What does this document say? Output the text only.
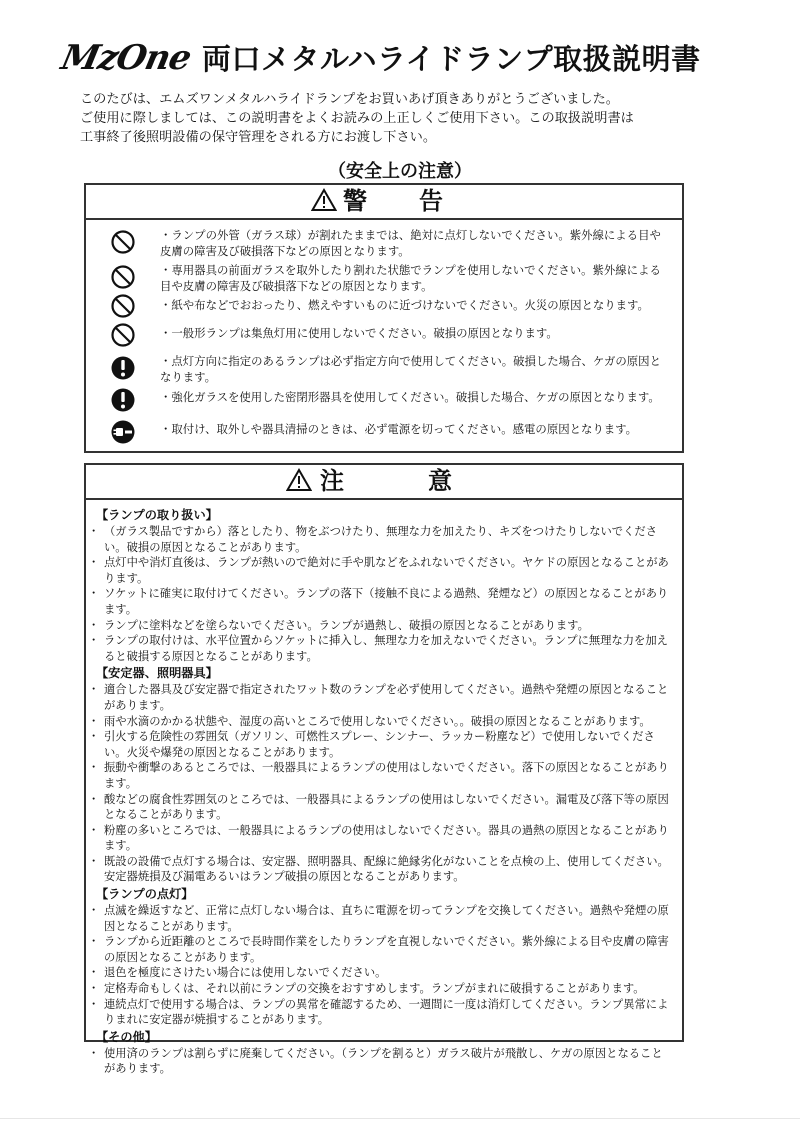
MzOne 両口メタルハライドランプ取扱説明書
このたびは、エムズワンメタルハライドランプをお買いあげ頂きありがとうございました。
ご使用に際しましては、この説明書をよくお読みの上正しくご使用下さい。この取扱説明書は
工事終了後照明設備の保守管理をされる方にお渡し下さい。
（安全上の注意）
警　告
・ランプの外管（ガラス球）が割れたままでは、絶対に点灯しないでください。紫外線による目や皮膚の障害及び破損落下などの原因となります。
・専用器具の前面ガラスを取外したり割れた状態でランプを使用しないでください。紫外線による目や皮膚の障害及び破損落下などの原因となります。
・紙や布などでおおったり、燃えやすいものに近づけないでください。火災の原因となります。
・一般形ランプは集魚灯用に使用しないでください。破損の原因となります。
・点灯方向に指定のあるランプは必ず指定方向で使用してください。破損した場合、ケガの原因となります。
・強化ガラスを使用した密閉形器具を使用してください。破損した場合、ケガの原因となります。
・取付け、取外しや器具清掃のときは、必ず電源を切ってください。感電の原因となります。
注　意
【ランプの取り扱い】
・ （ガラス製品ですから）落としたり、物をぶつけたり、無理な力を加えたり、キズをつけたりしないでください。破損の原因となることがあります。
・ 点灯中や消灯直後は、ランプが熱いので絶対に手や肌などをふれないでください。ヤケドの原因となることがあります。
・ ソケットに確実に取付けてください。ランプの落下（接触不良による過熱、発煙など）の原因となることがあります。
・ ランプに塗料などを塗らないでください。ランプが過熱し、破損の原因となることがあります。
・ ランプの取付けは、水平位置からソケットに挿入し、無理な力を加えないでください。ランプに無理な力を加えると破損する原因となることがあります。
【安定器、照明器具】
・ 適合した器具及び安定器で指定されたワット数のランプを必ず使用してください。過熱や発煙の原因となることがあります。
・ 雨や水滴のかかる状態や、湿度の高いところで使用しないでください。。破損の原因となることがあります。
・ 引火する危険性の雰囲気（ガソリン、可燃性スプレー、シンナー、ラッカー粉塵など）で使用しないでください。火災や爆発の原因となることがあります。
・ 振動や衝撃のあるところでは、一般器具によるランプの使用はしないでください。落下の原因となることがあります。
・ 酸などの腐食性雰囲気のところでは、一般器具によるランプの使用はしないでください。漏電及び落下等の原因となることがあります。
・ 粉塵の多いところでは、一般器具によるランプの使用はしないでください。器具の過熱の原因となることがあります。
・ 既設の設備で点灯する場合は、安定器、照明器具、配線に絶縁劣化がないことを点検の上、使用してください。安定器焼損及び漏電あるいはランプ破損の原因となることがあります。
【ランプの点灯】
・ 点滅を繰返すなど、正常に点灯しない場合は、直ちに電源を切ってランプを交換してください。過熱や発煙の原因となることがあります。
・ ランプから近距離のところで長時間作業をしたりランプを直視しないでください。紫外線による目や皮膚の障害の原因となることがあります。
・ 退色を極度にさけたい場合には使用しないでください。
・ 定格寿命もしくは、それ以前にランプの交換をおすすめします。ランプがまれに破損することがあります。
・ 連続点灯で使用する場合は、ランプの異常を確認するため、一週間に一度は消灯してください。ランプ異常によりまれに安定器が焼損することがあります。
【その他】
・ 使用済のランプは割らずに廃棄してください。（ランプを割ると）ガラス破片が飛散し、ケガの原因となることがあります。
